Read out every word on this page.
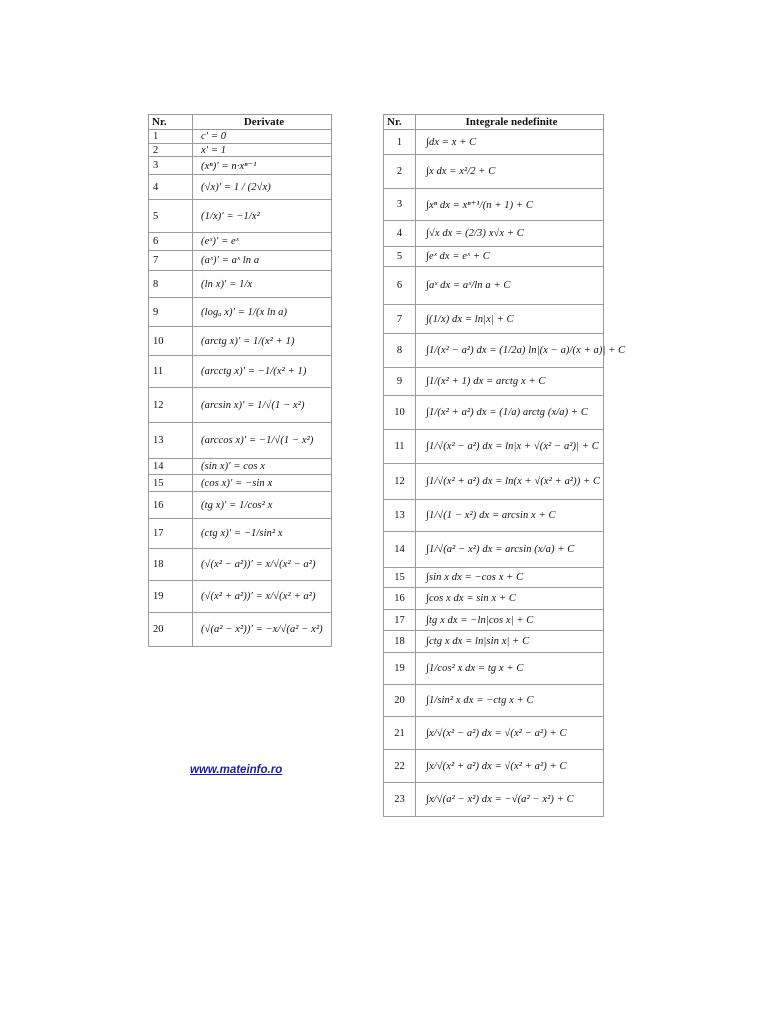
Nr.	Derivate
1	c′ = 0
2	x′ = 1
3	(xⁿ)′ = n·xⁿ⁻¹
4	(√x)′ = 1 / (2√x)
5	(1/x)′ = −1/x²
6	(eˣ)′ = eˣ
7	(aˣ)′ = aˣ ln a
8	(ln x)′ = 1/x
9	(logₐ x)′ = 1/(x ln a)
10	(arctg x)′ = 1/(x² + 1)
11	(arcctg x)′ = −1/(x² + 1)
12	(arcsin x)′ = 1/√(1 − x²)
13	(arccos x)′ = −1/√(1 − x²)
14	(sin x)′ = cos x
15	(cos x)′ = −sin x
16	(tg x)′ = 1/cos² x
17	(ctg x)′ = −1/sin² x
18	(√(x² − a²))′ = x/√(x² − a²)
19	(√(x² + a²))′ = x/√(x² + a²)
20	(√(a² − x²))′ = −x/√(a² − x²)
Nr.	Integrale nedefinite
1	∫dx = x + C
2	∫x dx = x²/2 + C
3	∫xⁿ dx = xⁿ⁺¹/(n + 1) + C
4	∫√x dx = (2/3) x√x + C
5	∫eˣ dx = eˣ + C
6	∫aˣ dx = aˣ/ln a + C
7	∫(1/x) dx = ln|x| + C
8	∫1/(x² − a²) dx = (1/2a) ln|(x − a)/(x + a)| + C
9	∫1/(x² + 1) dx = arctg x + C
10	∫1/(x² + a²) dx = (1/a) arctg (x/a) + C
11	∫1/√(x² − a²) dx = ln|x + √(x² − a²)| + C
12	∫1/√(x² + a²) dx = ln(x + √(x² + a²)) + C
13	∫1/√(1 − x²) dx = arcsin x + C
14	∫1/√(a² − x²) dx = arcsin (x/a) + C
15	∫sin x dx = −cos x + C
16	∫cos x dx = sin x + C
17	∫tg x dx = −ln|cos x| + C
18	∫ctg x dx = ln|sin x| + C
19	∫1/cos² x dx = tg x + C
20	∫1/sin² x dx = −ctg x + C
21	∫x/√(x² − a²) dx = √(x² − a²) + C
22	∫x/√(x² + a²) dx = √(x² + a²) + C
23	∫x/√(a² − x²) dx = −√(a² − x²) + C
www.mateinfo.ro
